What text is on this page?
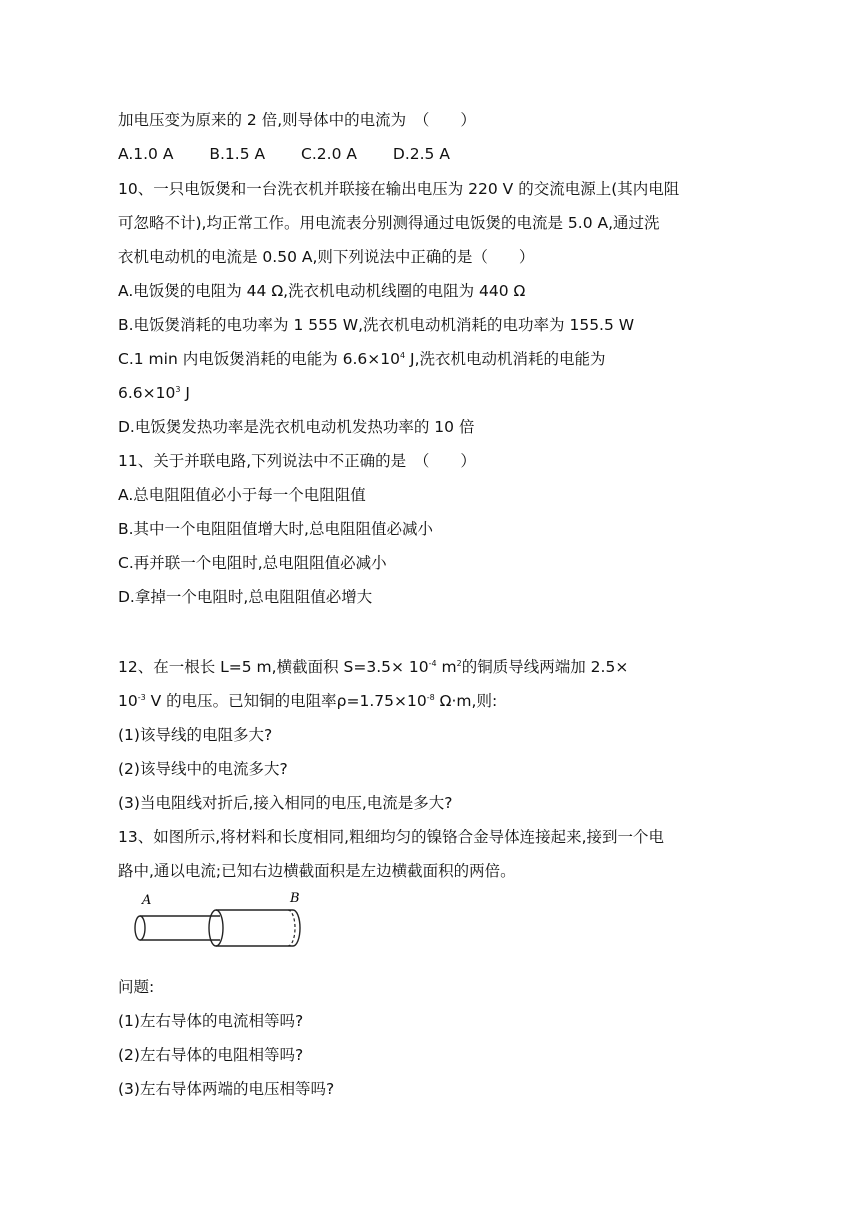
加电压变为原来的 2 倍,则导体中的电流为　（　　）
A.1.0 A　　 B.1.5 A　　 C.2.0 A　　 D.2.5 A
10、一只电饭煲和一台洗衣机并联接在输出电压为 220 V 的交流电源上(其内电阻
可忽略不计),均正常工作。用电流表分别测得通过电饭煲的电流是 5.0 A,通过洗
衣机电动机的电流是 0.50 A,则下列说法中正确的是（　　）
A.电饭煲的电阻为 44 Ω,洗衣机电动机线圈的电阻为 440 Ω
B.电饭煲消耗的电功率为 1 555 W,洗衣机电动机消耗的电功率为 155.5 W
C.1 min 内电饭煲消耗的电能为 $6.6\times 10^4$ J,洗衣机电动机消耗的电能为
$6.6\times 10^3$ J
D.电饭煲发热功率是洗衣机电动机发热功率的 10 倍
11、关于并联电路,下列说法中不正确的是　（　　）
A.总电阻阻值必小于每一个电阻阻值
B.其中一个电阻阻值增大时,总电阻阻值必减小
C.再并联一个电阻时,总电阻阻值必减小
D.拿掉一个电阻时,总电阻阻值必增大
12、在一根长 L=5 m,横截面积 $S=3.5\times 10^{-4}$ $m^2$的铜质导线两端加 2.5×
$10^{-3}$ V 的电压。已知铜的电阻率$\rho=1.75\times 10^{-8}$ Ω·m,则:
(1)该导线的电阻多大?
(2)该导线中的电流多大?
(3)当电阻线对折后,接入相同的电压,电流是多大?
13、如图所示,将材料和长度相同,粗细均匀的镍铬合金导体连接起来,接到一个电
路中,通以电流;已知右边横截面积是左边横截面积的两倍。
A	B
问题:
(1)左右导体的电流相等吗?
(2)左右导体的电阻相等吗?
(3)左右导体两端的电压相等吗?
